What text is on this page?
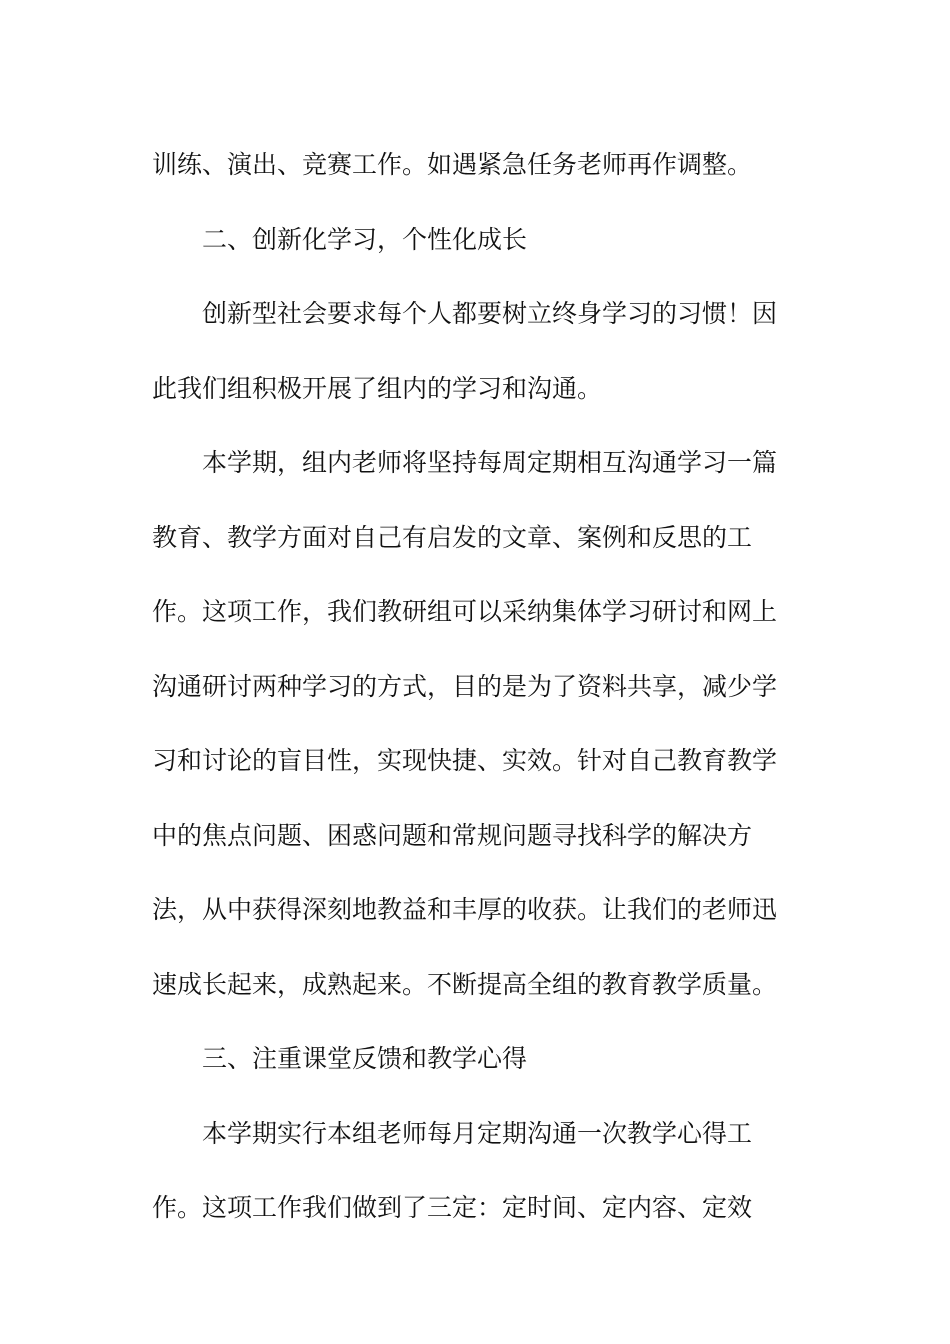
训练、演出、竞赛工作。如遇紧急任务老师再作调整。
二、创新化学习，个性化成长
创新型社会要求每个人都要树立终身学习的习惯！因
此我们组积极开展了组内的学习和沟通。
本学期，组内老师将坚持每周定期相互沟通学习一篇
教育、教学方面对自己有启发的文章、案例和反思的工
作。这项工作，我们教研组可以采纳集体学习研讨和网上
沟通研讨两种学习的方式，目的是为了资料共享，减少学
习和讨论的盲目性，实现快捷、实效。针对自己教育教学
中的焦点问题、困惑问题和常规问题寻找科学的解决方
法，从中获得深刻地教益和丰厚的收获。让我们的老师迅
速成长起来，成熟起来。不断提高全组的教育教学质量。
三、注重课堂反馈和教学心得
本学期实行本组老师每月定期沟通一次教学心得工
作。这项工作我们做到了三定：定时间、定内容、定效
